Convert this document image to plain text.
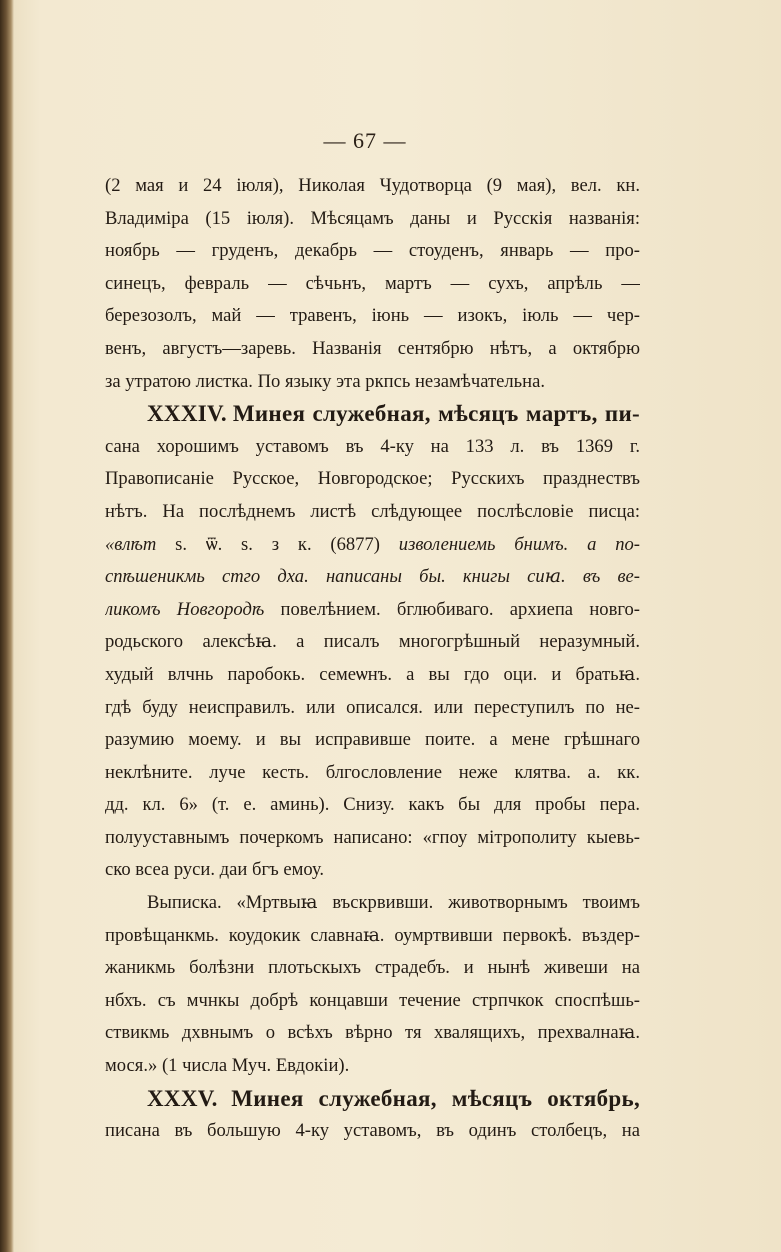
— 67 —
(2 мая и 24 іюля), Николая Чудотворца (9 мая), вел. кн.
Владиміра (15 іюля). Мѣсяцамъ даны и Русскія названія:
ноябрь — груденъ, декабрь — стоуденъ, январь — про-
синецъ, февраль — сѣчьнъ, мартъ — сухъ, апрѣль —
березозолъ, май — травенъ, іюнь — изокъ, іюль — чер-
венъ, августъ—заревь. Названія сентябрю нѣтъ, а октябрю
за утратою листка. По языку эта ркпсь незамѣчательна.
XXXIV. Минея служебная, мѣсяцъ мартъ, пи-
сана хорошимъ уставомъ въ 4-ку на 133 л. въ 1369 г.
Правописаніе Русское, Новгородское; Русскихъ празднествъ
нѣтъ. На послѣднемъ листѣ слѣдующее послѣсловіе писца:
«влѣт ѕ. ѿ. ѕ. з к. (6877) изволениемь бнимъ. а по-
спѣшеникмь стго дха. написаны бы. книгы сиꙗ. въ ве-
ликомъ Новгородѣ повелѣнием. бглюбиваго. архиепа новго-
родьского алексѣꙗ. а писалъ многогрѣшный неразумный.
худый влчнь паробокь. семеѡнъ. а вы гдо оци. и братьꙗ.
гдѣ буду неисправилъ. или описался. или переступилъ по не-
разумию моему. и вы исправивше поите. а мене грѣшнаго
неклѣните. луче кесть. блгословление неже клятва. а. кк.
дд. кл. 6» (т. е. аминь). Снизу. какъ бы для пробы пера.
полууставнымъ почеркомъ написано: «гпоу мітрополиту кыевь-
ско всеа руси. даи бгъ емоу.
Выписка. «Мртвыꙗ въскрвивши. животворнымъ твоимъ
провѣщанкмь. коудокик славнаꙗ. оумртвивши первокѣ. въздер-
жаникмь болѣзни плотьскыхъ страдебъ. и нынѣ живеши на
нбхъ. съ мчнкы добрѣ концавши течение стрпчкок споспѣшь-
ствикмь дхвнымъ о всѣхъ вѣрно тя хвалящихъ, прехвалнаꙗ.
мося.» (1 числа Муч. Евдокіи).
XXXV. Минея служебная, мѣсяцъ октябрь,
писана въ большую 4-ку уставомъ, въ одинъ столбецъ, на
